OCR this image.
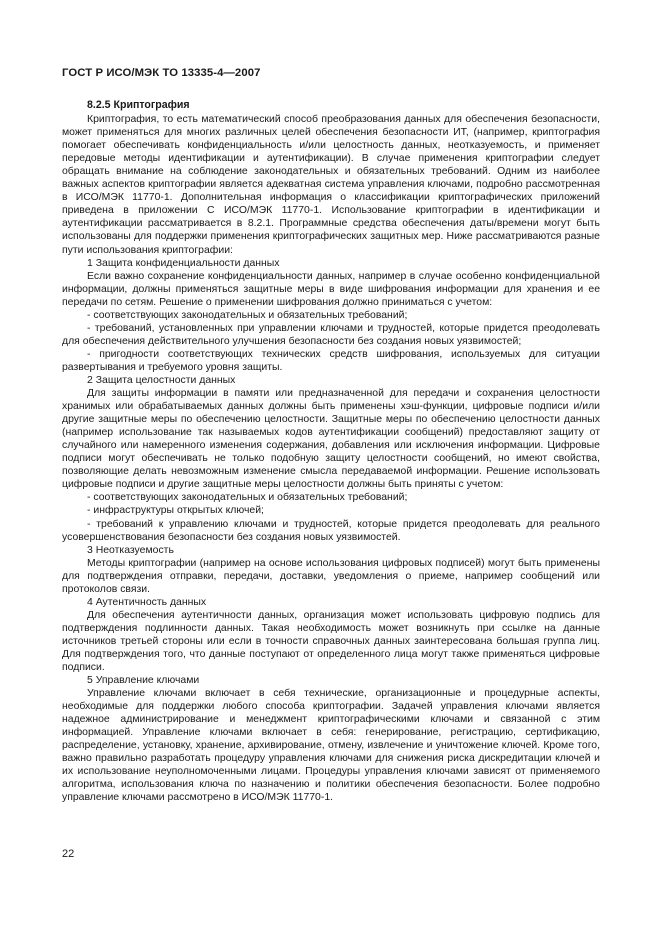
ГОСТ Р ИСО/МЭК ТО 13335-4—2007
8.2.5 Криптография

Криптография, то есть математический способ преобразования данных для обеспечения безопасности, может применяться для многих различных целей обеспечения безопасности ИТ, (например, криптография помогает обеспечивать конфиденциальность и/или целостность данных, неотказуемость, и применяет передовые методы идентификации и аутентификации). В случае применения криптографии следует обращать внимание на соблюдение законодательных и обязательных требований. Одним из наиболее важных аспектов криптографии является адекватная система управления ключами, подробно рассмотренная в ИСО/МЭК 11770-1. Дополнительная информация о классификации криптографических приложений приведена в приложении С ИСО/МЭК 11770-1. Использование криптографии в идентификации и аутентификации рассматривается в 8.2.1. Программные средства обеспечения даты/времени могут быть использованы для поддержки применения криптографических защитных мер. Ниже рассматриваются разные пути использования криптографии:

1 Защита конфиденциальности данных

Если важно сохранение конфиденциальности данных, например в случае особенно конфиденциальной информации, должны применяться защитные меры в виде шифрования информации для хранения и ее передачи по сетям. Решение о применении шифрования должно приниматься с учетом:

- соответствующих законодательных и обязательных требований;

- требований, установленных при управлении ключами и трудностей, которые придется преодолевать для обеспечения действительного улучшения безопасности без создания новых уязвимостей;

- пригодности соответствующих технических средств шифрования, используемых для ситуации развертывания и требуемого уровня защиты.

2 Защита целостности данных

Для защиты информации в памяти или предназначенной для передачи и сохранения целостности хранимых или обрабатываемых данных должны быть применены хэш-функции, цифровые подписи и/или другие защитные меры по обеспечению целостности. Защитные меры по обеспечению целостности данных (например использование так называемых кодов аутентификации сообщений) предоставляют защиту от случайного или намеренного изменения содержания, добавления или исключения информации. Цифровые подписи могут обеспечивать не только подобную защиту целостности сообщений, но имеют свойства, позволяющие делать невозможным изменение смысла передаваемой информации. Решение использовать цифровые подписи и другие защитные меры целостности должны быть приняты с учетом:

- соответствующих законодательных и обязательных требований;

- инфраструктуры открытых ключей;

- требований к управлению ключами и трудностей, которые придется преодолевать для реального усовершенствования безопасности без создания новых уязвимостей.

3 Неотказуемость

Методы криптографии (например на основе использования цифровых подписей) могут быть применены для подтверждения отправки, передачи, доставки, уведомления о приеме, например сообщений или протоколов связи.

4 Аутентичность данных

Для обеспечения аутентичности данных, организация может использовать цифровую подпись для подтверждения подлинности данных. Такая необходимость может возникнуть при ссылке на данные источников третьей стороны или если в точности справочных данных заинтересована большая группа лиц. Для подтверждения того, что данные поступают от определенного лица могут также применяться цифровые подписи.

5 Управление ключами

Управление ключами включает в себя технические, организационные и процедурные аспекты, необходимые для поддержки любого способа криптографии. Задачей управления ключами является надежное администрирование и менеджмент криптографическими ключами и связанной с этим информацией. Управление ключами включает в себя: генерирование, регистрацию, сертификацию, распределение, установку, хранение, архивирование, отмену, извлечение и уничтожение ключей. Кроме того, важно правильно разработать процедуру управления ключами для снижения риска дискредитации ключей и их использование неуполномоченными лицами. Процедуры управления ключами зависят от применяемого алгоритма, использования ключа по назначению и политики обеспечения безопасности. Более подробно управление ключами рассмотрено в ИСО/МЭК 11770-1.

22
